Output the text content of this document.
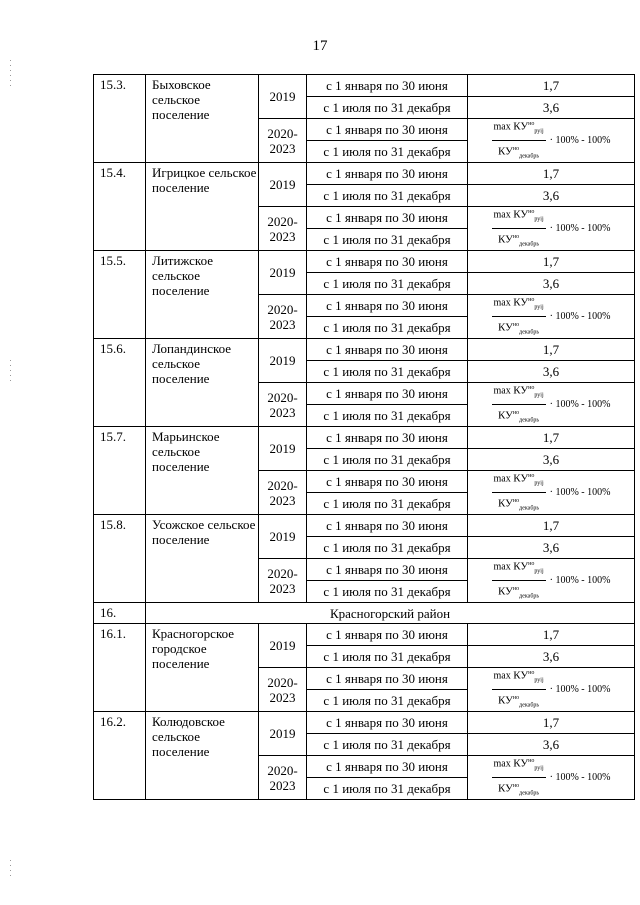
17
15.3.	Быховское сельское поселение	2019	с 1 января по 30 июня	1,7
			с 1 июля по 31 декабря	3,6
		2020-2023	с 1 января по 30 июня	$\frac{\max КУ^{но}_{руij}}{КУ^{но}_{декабрь}} \cdot 100\% - 100\%$

			с 1 июля по 31 декабря	
15.4.	Игрицкое сельское поселение	2019	с 1 января по 30 июня	1,7
			с 1 июля по 31 декабря	3,6
		2020-2023	с 1 января по 30 июня	$\frac{\max КУ^{но}_{руij}}{КУ^{но}_{декабрь}} \cdot 100\% - 100\%$

			с 1 июля по 31 декабря	
15.5.	Литижское сельское поселение	2019	с 1 января по 30 июня	1,7
			с 1 июля по 31 декабря	3,6
		2020-2023	с 1 января по 30 июня	$\frac{\max КУ^{но}_{руij}}{КУ^{но}_{декабрь}} \cdot 100\% - 100\%$

			с 1 июля по 31 декабря	
15.6.	Лопандинское сельское поселение	2019	с 1 января по 30 июня	1,7
			с 1 июля по 31 декабря	3,6
		2020-2023	с 1 января по 30 июня	$\frac{\max КУ^{но}_{руij}}{КУ^{но}_{декабрь}} \cdot 100\% - 100\%$

			с 1 июля по 31 декабря	
15.7.	Марьинское сельское поселение	2019	с 1 января по 30 июня	1,7
			с 1 июля по 31 декабря	3,6
		2020-2023	с 1 января по 30 июня	$\frac{\max КУ^{но}_{руij}}{КУ^{но}_{декабрь}} \cdot 100\% - 100\%$

			с 1 июля по 31 декабря	
15.8.	Усожское сельское поселение	2019	с 1 января по 30 июня	1,7
			с 1 июля по 31 декабря	3,6
		2020-2023	с 1 января по 30 июня	$\frac{\max КУ^{но}_{руij}}{КУ^{но}_{декабрь}} \cdot 100\% - 100\%$

			с 1 июля по 31 декабря	
16.	Красногорский район			
16.1.	Красногорское городское поселение	2019	с 1 января по 30 июня	1,7
			с 1 июля по 31 декабря	3,6
		2020-2023	с 1 января по 30 июня	$\frac{\max КУ^{но}_{руij}}{КУ^{но}_{декабрь}} \cdot 100\% - 100\%$

			с 1 июля по 31 декабря	
16.2.	Колюдовское сельское поселение	2019	с 1 января по 30 июня	1,7
			с 1 июля по 31 декабря	3,6
		2020-2023	с 1 января по 30 июня	$\frac{\max КУ^{но}_{руij}}{КУ^{но}_{декабрь}} \cdot 100\% - 100\%$

			с 1 июля по 31 декабря	
